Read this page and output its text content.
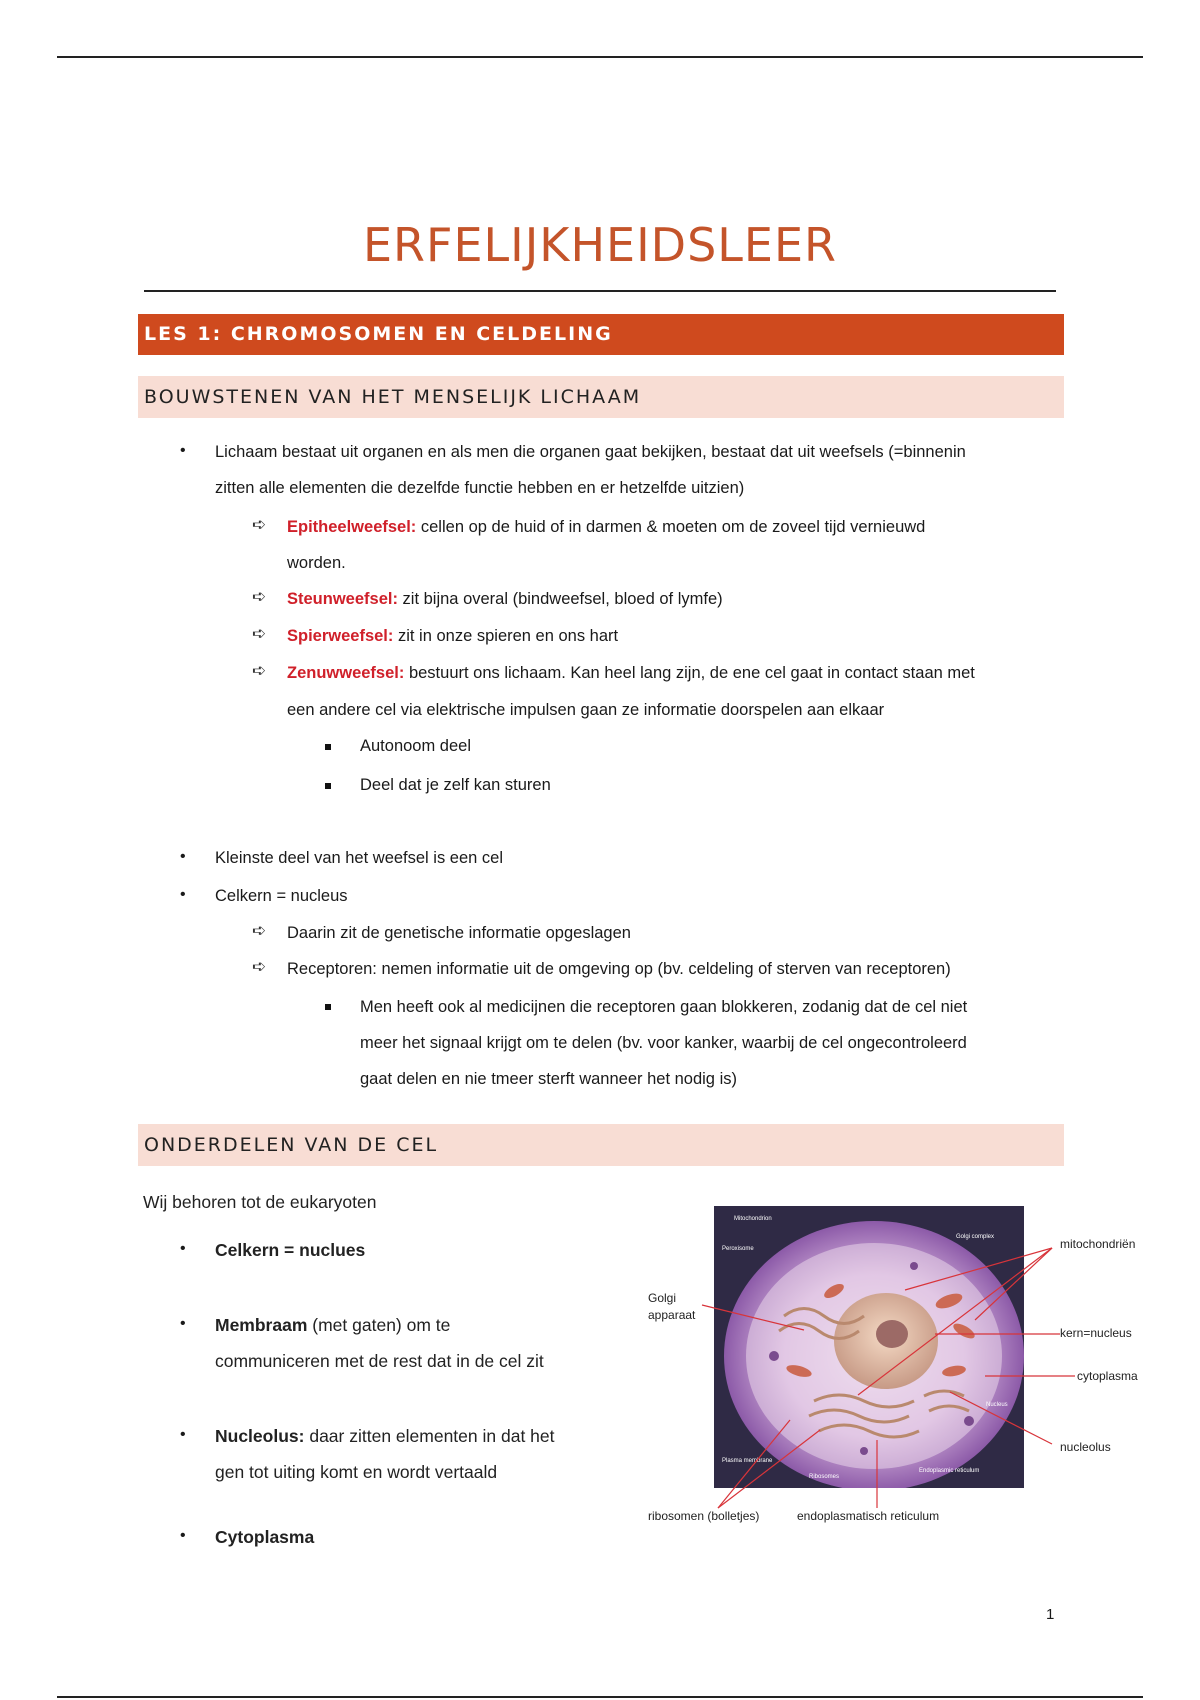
ERFELIJKHEIDSLEER
LES 1: CHROMOSOMEN EN CELDELING
BOUWSTENEN VAN HET MENSELIJK LICHAAM
• Lichaam bestaat uit organen en als men die organen gaat bekijken, bestaat dat uit weefsels (=binnenin
zitten alle elementen die dezelfde functie hebben en er hetzelfde uitzien)
➪ Epitheelweefsel: cellen op de huid of in darmen & moeten om de zoveel tijd vernieuwd
worden.
➪ Steunweefsel: zit bijna overal (bindweefsel, bloed of lymfe)
➪ Spierweefsel: zit in onze spieren en ons hart
➪ Zenuwweefsel: bestuurt ons lichaam. Kan heel lang zijn, de ene cel gaat in contact staan met
een andere cel via elektrische impulsen gaan ze informatie doorspelen aan elkaar
Autonoom deel
Deel dat je zelf kan sturen
• Kleinste deel van het weefsel is een cel
• Celkern = nucleus
➪ Daarin zit de genetische informatie opgeslagen
➪ Receptoren: nemen informatie uit de omgeving op (bv. celdeling of sterven van receptoren)
Men heeft ook al medicijnen die receptoren gaan blokkeren, zodanig dat de cel niet
meer het signaal krijgt om te delen (bv. voor kanker, waarbij de cel ongecontroleerd
gaat delen en nie tmeer sterft wanneer het nodig is)
ONDERDELEN VAN DE CEL
Wij behoren tot de eukaryoten
• Celkern = nuclues
• Membraam (met gaten) om te
communiceren met de rest dat in de cel zit
• Nucleolus: daar zitten elementen in dat het
gen tot uiting komt en wordt vertaald
• Cytoplasma
Mitochondrion
Peroxisome
Golgi complex
Nucleus
Plasma membrane
Ribosomes
Endoplasmic reticulum
Golgi
apparaat
mitochondriën
kern=nucleus
cytoplasma
nucleolus
ribosomen (bolletjes)	endoplasmatisch reticulum
1
